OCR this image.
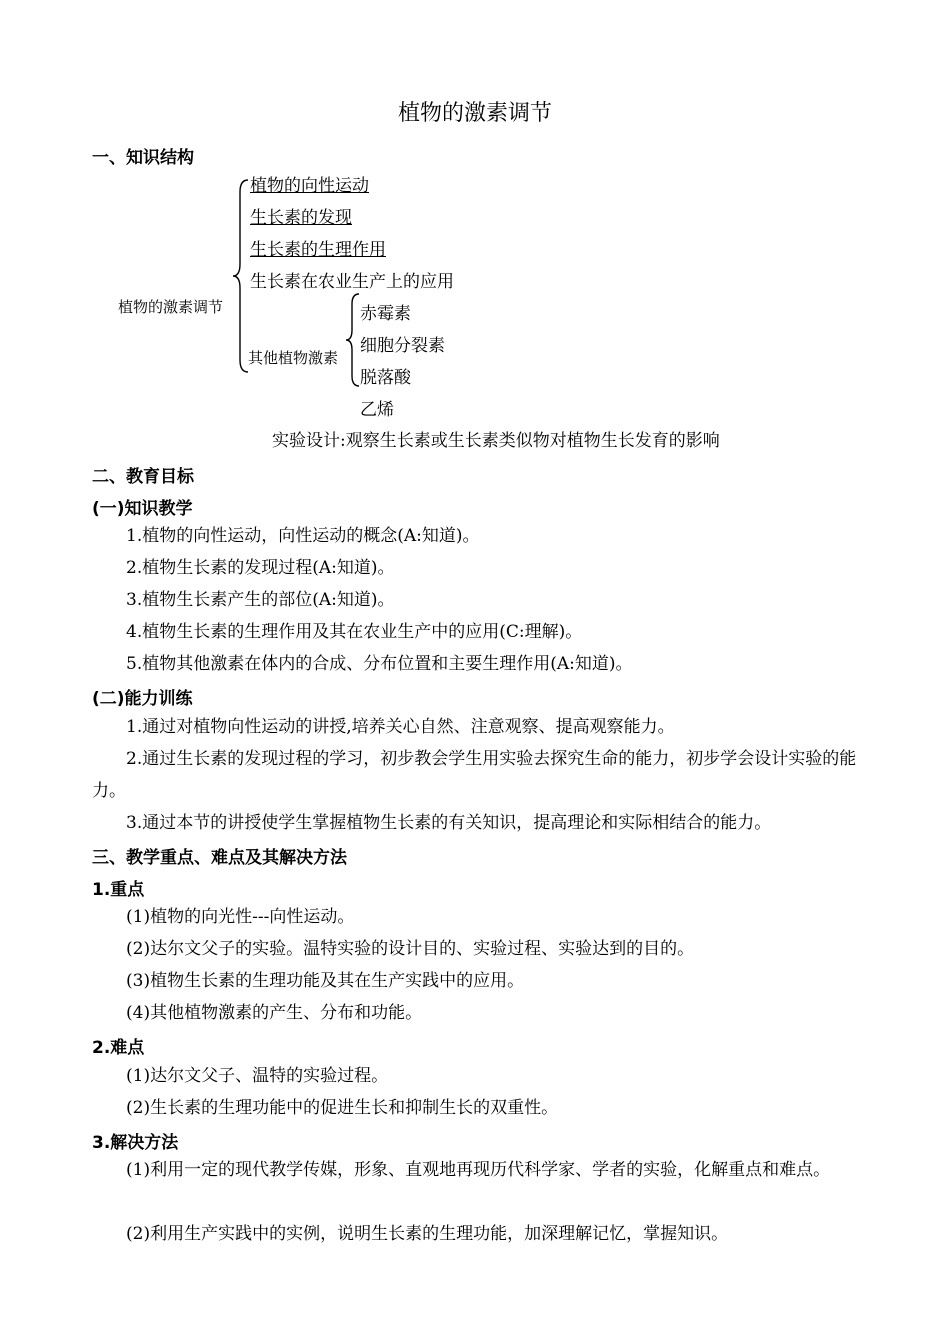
植物的激素调节
一、知识结构
植物的激素调节
植物的向性运动
生长素的发现
生长素的生理作用
生长素在农业生产上的应用
其他植物激素
赤霉素
细胞分裂素
脱落酸
乙烯
实验设计:观察生长素或生长素类似物对植物生长发育的影响
二、教育目标
(一)知识教学
1.植物的向性运动，向性运动的概念(A:知道)。
2.植物生长素的发现过程(A:知道)。
3.植物生长素产生的部位(A:知道)。
4.植物生长素的生理作用及其在农业生产中的应用(C:理解)。
5.植物其他激素在体内的合成、分布位置和主要生理作用(A:知道)。
(二)能力训练
1.通过对植物向性运动的讲授,培养关心自然、注意观察、提高观察能力。
2.通过生长素的发现过程的学习，初步教会学生用实验去探究生命的能力，初步学会设计实验的能力。
3.通过本节的讲授使学生掌握植物生长素的有关知识，提高理论和实际相结合的能力。
三、教学重点、难点及其解决方法
1.重点
(1)植物的向光性---向性运动。
(2)达尔文父子的实验。温特实验的设计目的、实验过程、实验达到的目的。
(3)植物生长素的生理功能及其在生产实践中的应用。
(4)其他植物激素的产生、分布和功能。
2.难点
(1)达尔文父子、温特的实验过程。
(2)生长素的生理功能中的促进生长和抑制生长的双重性。
3.解决方法
(1)利用一定的现代教学传媒，形象、直观地再现历代科学家、学者的实验，化解重点和难点。
(2)利用生产实践中的实例，说明生长素的生理功能，加深理解记忆，掌握知识。
